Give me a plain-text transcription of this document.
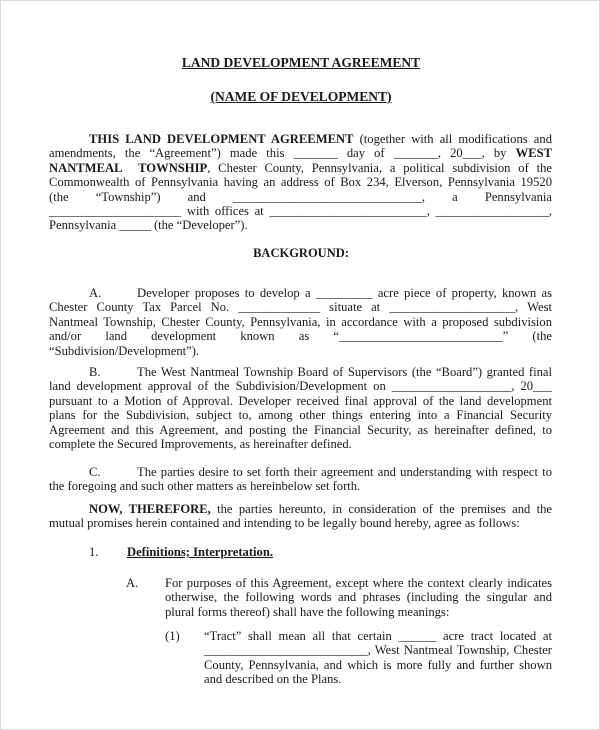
LAND DEVELOPMENT AGREEMENT
(NAME OF DEVELOPMENT)
THIS LAND DEVELOPMENT AGREEMENT (together with all modifications and
amendments, the “Agreement”) made this _______ day of _______, 20___, by WEST
NANTMEAL  TOWNSHIP, Chester County, Pennsylvania, a political subdivision of the
Commonwealth of Pennsylvania having an address of Box 234, Elverson, Pennsylvania 19520
(the “Township”) and ______________________________, a Pennsylvania
_____________________ with offices at _________________________, __________________,
Pennsylvania _____ (the “Developer”).
BACKGROUND:
A.	Developer proposes to develop a _________ acre piece of property, known as
Chester County Tax Parcel No. _____________ situate at ____________________, West
Nantmeal Township, Chester County, Pennsylvania, in accordance with a proposed subdivision
and/or land development known as “__________________________” (the
“Subdivision/Development”).
B.	The West Nantmeal Township Board of Supervisors (the “Board”) granted final
land development approval of the Subdivision/Development on ___________________, 20___
pursuant to a Motion of Approval. Developer received final approval of the land development
plans for the Subdivision, subject to, among other things entering into a Financial Security
Agreement and this Agreement, and posting the Financial Security, as hereinafter defined, to
complete the Secured Improvements, as hereinafter defined.
C.	The parties desire to set forth their agreement and understanding with respect to
the foregoing and such other matters as hereinbelow set forth.
NOW, THEREFORE, the parties hereunto, in consideration of the premises and the
mutual promises herein contained and intending to be legally bound hereby, agree as follows:
1. Definitions; Interpretation.
A. For purposes of this Agreement, except where the context clearly indicates
otherwise, the following words and phrases (including the singular and
plural forms thereof) shall have the following meanings:
(1) “Tract” shall mean all that certain ______ acre tract located at
__________________________, West Nantmeal Township, Chester
County, Pennsylvania, and which is more fully and further shown
and described on the Plans.
